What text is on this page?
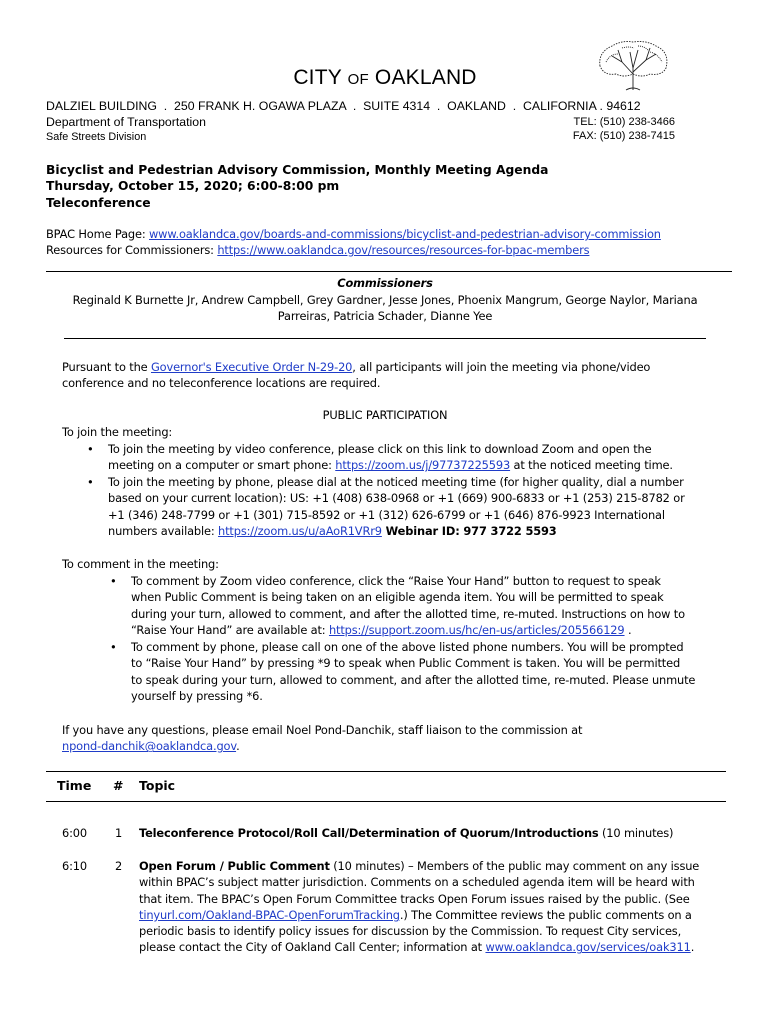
CITY OF OAKLAND
DALZIEL BUILDING  .  250 FRANK H. OGAWA PLAZA  .  SUITE 4314  .  OAKLAND  .  CALIFORNIA . 94612
Department of Transportation
Safe Streets Division
TEL: (510) 238-3466
FAX: (510) 238-7415
Bicyclist and Pedestrian Advisory Commission, Monthly Meeting Agenda
Thursday, October 15, 2020; 6:00-8:00 pm
Teleconference
BPAC Home Page: www.oaklandca.gov/boards-and-commissions/bicyclist-and-pedestrian-advisory-commission
Resources for Commissioners: https://www.oaklandca.gov/resources/resources-for-bpac-members
Commissioners
Reginald K Burnette Jr, Andrew Campbell, Grey Gardner, Jesse Jones, Phoenix Mangrum, George Naylor, Mariana
Parreiras, Patricia Schader, Dianne Yee
Pursuant to the Governor's Executive Order N-29-20, all participants will join the meeting via phone/video
conference and no teleconference locations are required.
PUBLIC PARTICIPATION
To join the meeting:
• To join the meeting by video conference, please click on this link to download Zoom and open the
meeting on a computer or smart phone: https://zoom.us/j/97737225593 at the noticed meeting time.
• To join the meeting by phone, please dial at the noticed meeting time (for higher quality, dial a number
based on your current location): US: +1 (408) 638-0968 or +1 (669) 900-6833 or +1 (253) 215-8782 or
+1 (346) 248-7799 or +1 (301) 715-8592 or +1 (312) 626-6799 or +1 (646) 876-9923 International
numbers available: https://zoom.us/u/aAoR1VRr9 Webinar ID: 977 3722 5593
To comment in the meeting:
• To comment by Zoom video conference, click the “Raise Your Hand” button to request to speak
when Public Comment is being taken on an eligible agenda item. You will be permitted to speak
during your turn, allowed to comment, and after the allotted time, re-muted. Instructions on how to
“Raise Your Hand” are available at: https://support.zoom.us/hc/en-us/articles/205566129 .
• To comment by phone, please call on one of the above listed phone numbers. You will be prompted
to “Raise Your Hand” by pressing *9 to speak when Public Comment is taken. You will be permitted
to speak during your turn, allowed to comment, and after the allotted time, re-muted. Please unmute
yourself by pressing *6.
If you have any questions, please email Noel Pond-Danchik, staff liaison to the commission at
npond-danchik@oaklandca.gov.
Time # Topic
6:00 1 Teleconference Protocol/Roll Call/Determination of Quorum/Introductions (10 minutes)
6:10 2 Open Forum / Public Comment (10 minutes) – Members of the public may comment on any issue
within BPAC’s subject matter jurisdiction. Comments on a scheduled agenda item will be heard with
that item. The BPAC’s Open Forum Committee tracks Open Forum issues raised by the public. (See
tinyurl.com/Oakland-BPAC-OpenForumTracking.) The Committee reviews the public comments on a
periodic basis to identify policy issues for discussion by the Commission. To request City services,
please contact the City of Oakland Call Center; information at www.oaklandca.gov/services/oak311.
